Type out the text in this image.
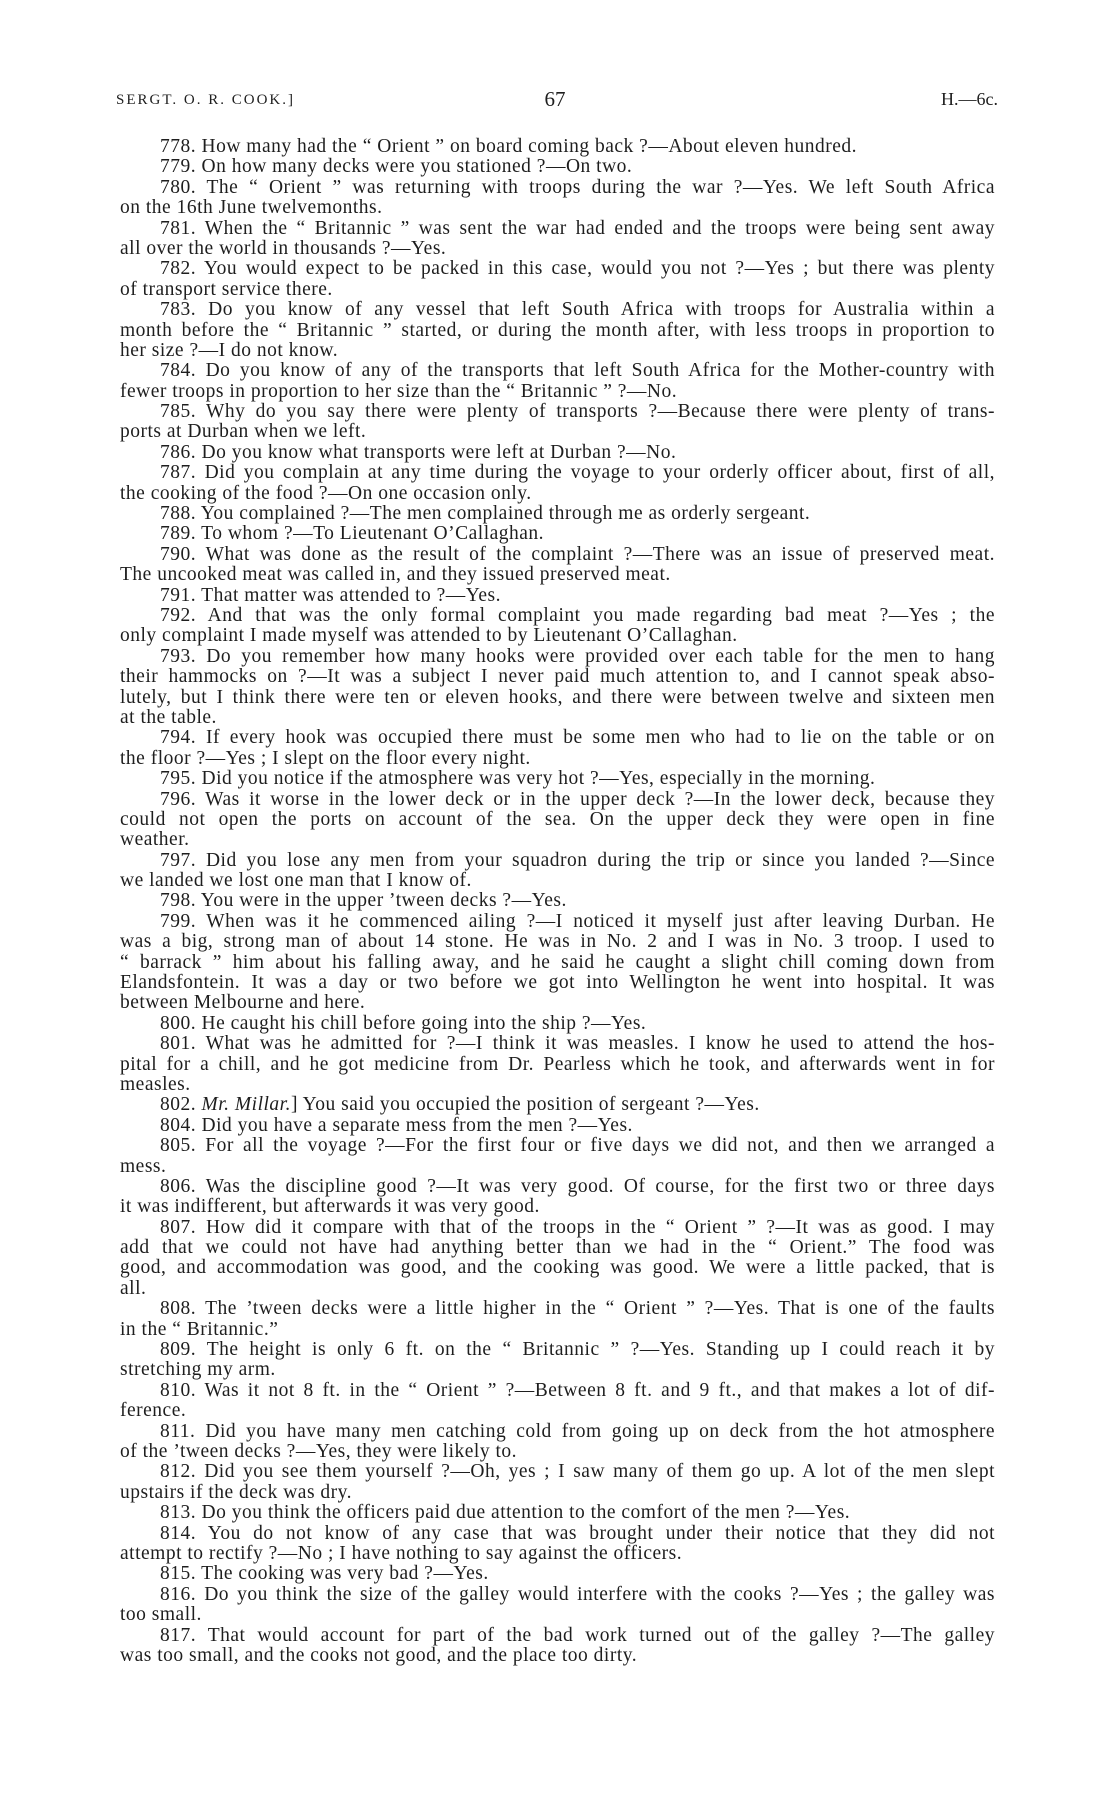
SERGT. O. R. COOK.]	67	H.—6c.
778. How many had the “ Orient ” on board coming back ?—About eleven hundred.
779. On how many decks were you stationed ?—On two.
780. The “ Orient ” was returning with troops during the war ?—Yes. We left South Africa
on the 16th June twelvemonths.
781. When the “ Britannic ” was sent the war had ended and the troops were being sent away
all over the world in thousands ?—Yes.
782. You would expect to be packed in this case, would you not ?—Yes ; but there was plenty
of transport service there.
783. Do you know of any vessel that left South Africa with troops for Australia within a
month before the “ Britannic ” started, or during the month after, with less troops in proportion to
her size ?—I do not know.
784. Do you know of any of the transports that left South Africa for the Mother-country with
fewer troops in proportion to her size than the “ Britannic ” ?—No.
785. Why do you say there were plenty of transports ?—Because there were plenty of trans-
ports at Durban when we left.
786. Do you know what transports were left at Durban ?—No.
787. Did you complain at any time during the voyage to your orderly officer about, first of all,
the cooking of the food ?—On one occasion only.
788. You complained ?—The men complained through me as orderly sergeant.
789. To whom ?—To Lieutenant O’Callaghan.
790. What was done as the result of the complaint ?—There was an issue of preserved meat.
The uncooked meat was called in, and they issued preserved meat.
791. That matter was attended to ?—Yes.
792. And that was the only formal complaint you made regarding bad meat ?—Yes ; the
only complaint I made myself was attended to by Lieutenant O’Callaghan.
793. Do you remember how many hooks were provided over each table for the men to hang
their hammocks on ?—It was a subject I never paid much attention to, and I cannot speak abso-
lutely, but I think there were ten or eleven hooks, and there were between twelve and sixteen men
at the table.
794. If every hook was occupied there must be some men who had to lie on the table or on
the floor ?—Yes ; I slept on the floor every night.
795. Did you notice if the atmosphere was very hot ?—Yes, especially in the morning.
796. Was it worse in the lower deck or in the upper deck ?—In the lower deck, because they
could not open the ports on account of the sea. On the upper deck they were open in fine
weather.
797. Did you lose any men from your squadron during the trip or since you landed ?—Since
we landed we lost one man that I know of.
798. You were in the upper ’tween decks ?—Yes.
799. When was it he commenced ailing ?—I noticed it myself just after leaving Durban. He
was a big, strong man of about 14 stone. He was in No. 2 and I was in No. 3 troop. I used to
“ barrack ” him about his falling away, and he said he caught a slight chill coming down from
Elandsfontein. It was a day or two before we got into Wellington he went into hospital. It was
between Melbourne and here.
800. He caught his chill before going into the ship ?—Yes.
801. What was he admitted for ?—I think it was measles. I know he used to attend the hos-
pital for a chill, and he got medicine from Dr. Pearless which he took, and afterwards went in for
measles.
802. Mr. Millar.] You said you occupied the position of sergeant ?—Yes.
804. Did you have a separate mess from the men ?—Yes.
805. For all the voyage ?—For the first four or five days we did not, and then we arranged a
mess.
806. Was the discipline good ?—It was very good. Of course, for the first two or three days
it was indifferent, but afterwards it was very good.
807. How did it compare with that of the troops in the “ Orient ” ?—It was as good. I may
add that we could not have had anything better than we had in the “ Orient.” The food was
good, and accommodation was good, and the cooking was good. We were a little packed, that is
all.
808. The ’tween decks were a little higher in the “ Orient ” ?—Yes. That is one of the faults
in the “ Britannic.”
809. The height is only 6 ft. on the “ Britannic ” ?—Yes. Standing up I could reach it by
stretching my arm.
810. Was it not 8 ft. in the “ Orient ” ?—Between 8 ft. and 9 ft., and that makes a lot of dif-
ference.
811. Did you have many men catching cold from going up on deck from the hot atmosphere
of the ’tween decks ?—Yes, they were likely to.
812. Did you see them yourself ?—Oh, yes ; I saw many of them go up. A lot of the men slept
upstairs if the deck was dry.
813. Do you think the officers paid due attention to the comfort of the men ?—Yes.
814. You do not know of any case that was brought under their notice that they did not
attempt to rectify ?—No ; I have nothing to say against the officers.
815. The cooking was very bad ?—Yes.
816. Do you think the size of the galley would interfere with the cooks ?—Yes ; the galley was
too small.
817. That would account for part of the bad work turned out of the galley ?—The galley
was too small, and the cooks not good, and the place too dirty.
